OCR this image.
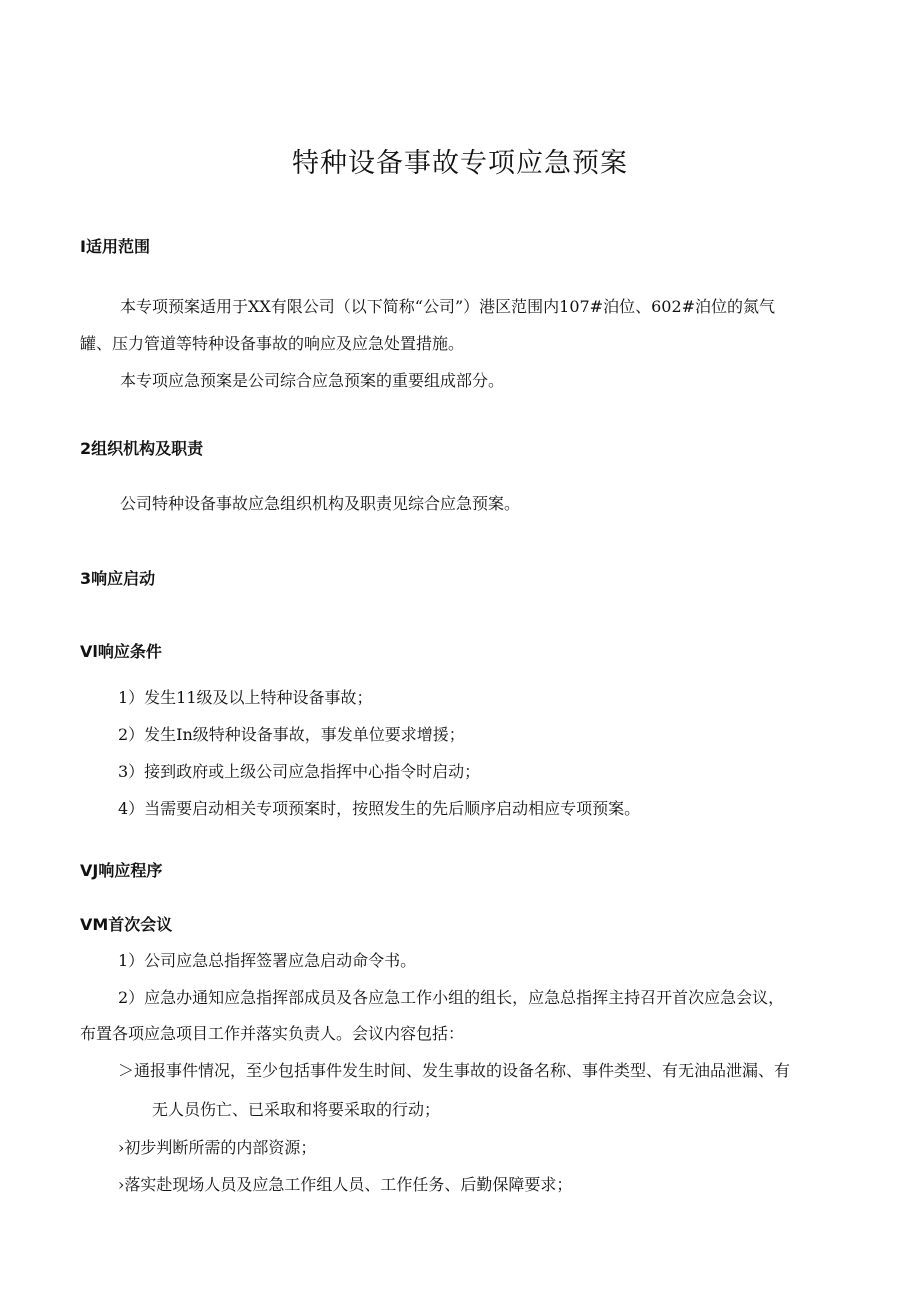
特种设备事故专项应急预案
I适用范围
本专项预案适用于XX有限公司（以下简称“公司”）港区范围内107#泊位、602#泊位的氮气
罐、压力管道等特种设备事故的响应及应急处置措施。
本专项应急预案是公司综合应急预案的重要组成部分。
2组织机构及职责
公司特种设备事故应急组织机构及职责见综合应急预案。
3响应启动
Vl响应条件
1）发生11级及以上特种设备事故；
2）发生In级特种设备事故，事发单位要求增援；
3）接到政府或上级公司应急指挥中心指令时启动；
4）当需要启动相关专项预案时，按照发生的先后顺序启动相应专项预案。
VJ响应程序
VM首次会议
1）公司应急总指挥签署应急启动命令书。
2）应急办通知应急指挥部成员及各应急工作小组的组长，应急总指挥主持召开首次应急会议，
布置各项应急项目工作并落实负责人。会议内容包括：
＞通报事件情况，至少包括事件发生时间、发生事故的设备名称、事件类型、有无油品泄漏、有
无人员伤亡、已采取和将要采取的行动；
›初步判断所需的内部资源；
›落实赴现场人员及应急工作组人员、工作任务、后勤保障要求；
